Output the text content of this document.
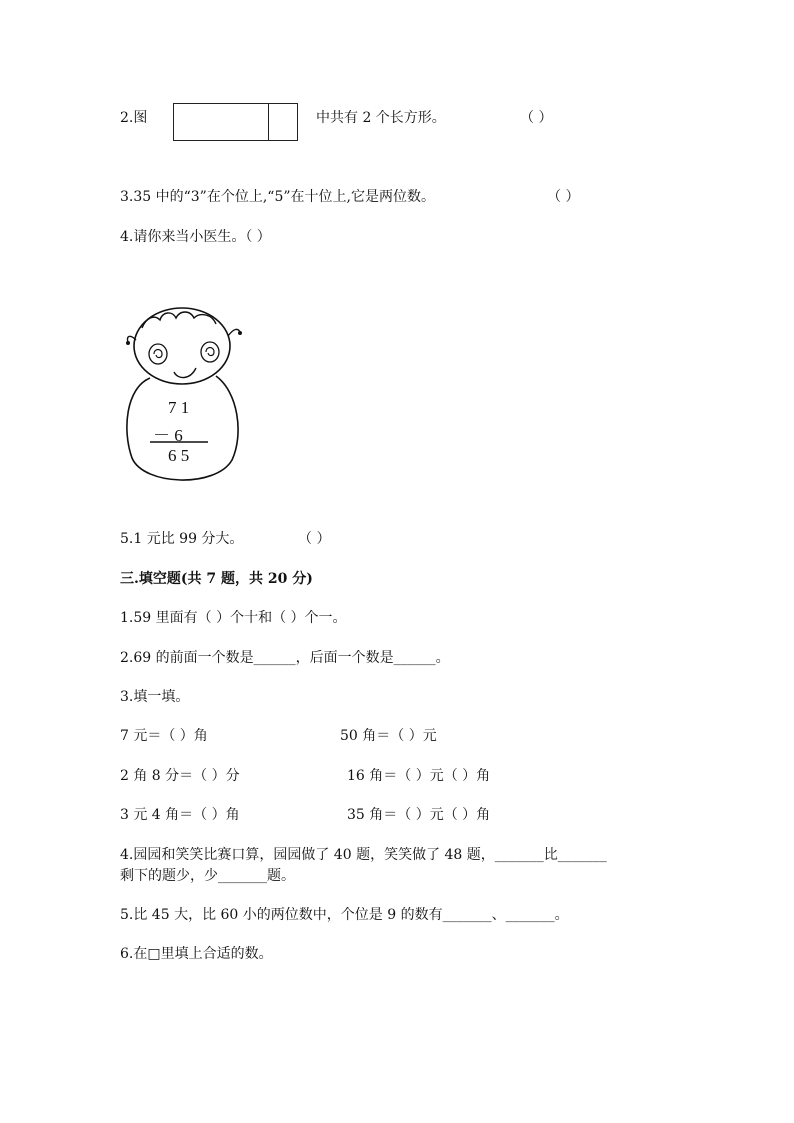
2.图	中共有 2 个长方形。	（ ）
3.35 中的“3”在个位上,“5”在十位上,它是两位数。	（ ）
4.请你来当小医生。（ ）
7 1
－ 6
6 5
5.1 元比 99 分大。	（ ）
三.填空题(共 7 题，共 20 分)
1.59 里面有（ ）个十和（ ）个一。
2.69 的前面一个数是______，后面一个数是______。
3.填一填。
7 元＝（ ）角	50 角＝（ ）元
2 角 8 分＝（ ）分	16 角＝（ ）元（ ）角
3 元 4 角＝（ ）角	35 角＝（ ）元（ ）角
4.园园和笑笑比赛口算，园园做了 40 题，笑笑做了 48 题，_______比_______
剩下的题少，少_______题。
5.比 45 大，比 60 小的两位数中，个位是 9 的数有_______、_______。
6.在□里填上合适的数。
